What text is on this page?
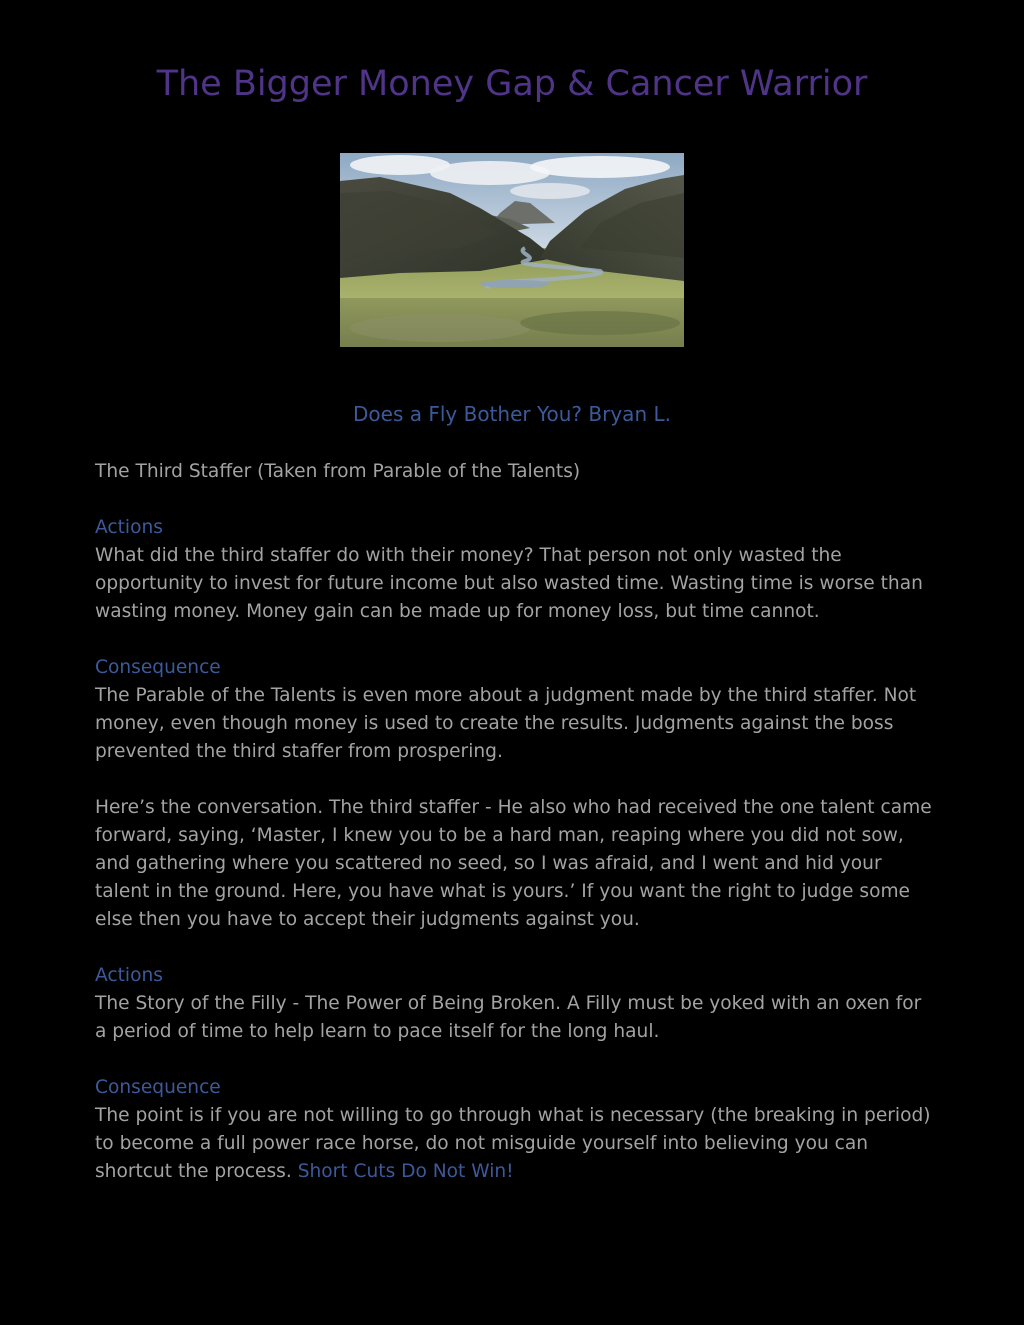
The Bigger Money Gap & Cancer Warrior
Does a Fly Bother You? Bryan L.

The Third Staffer (Taken from Parable of the Talents)

Actions
What did the third staffer do with their money? That person not only wasted the opportunity to invest for future income but also wasted time. Wasting time is worse than wasting money. Money gain can be made up for money loss, but time cannot.

Consequence
The Parable of the Talents is even more about a judgment made by the third staffer. Not money, even though money is used to create the results. Judgments against the boss prevented the third staffer from prospering.

Here’s the conversation. The third staffer - He also who had received the one talent came forward, saying, ‘Master, I knew you to be a hard man, reaping where you did not sow, and gathering where you scattered no seed, so I was afraid, and I went and hid your talent in the ground. Here, you have what is yours.’ If you want the right to judge some else then you have to accept their judgments against you.

Actions
The Story of the Filly - The Power of Being Broken. A Filly must be yoked with an oxen for a period of time to help learn to pace itself for the long haul.

Consequence
The point is if you are not willing to go through what is necessary (the breaking in period) to become a full power race horse, do not misguide yourself into believing you can shortcut the process. Short Cuts Do Not Win!
